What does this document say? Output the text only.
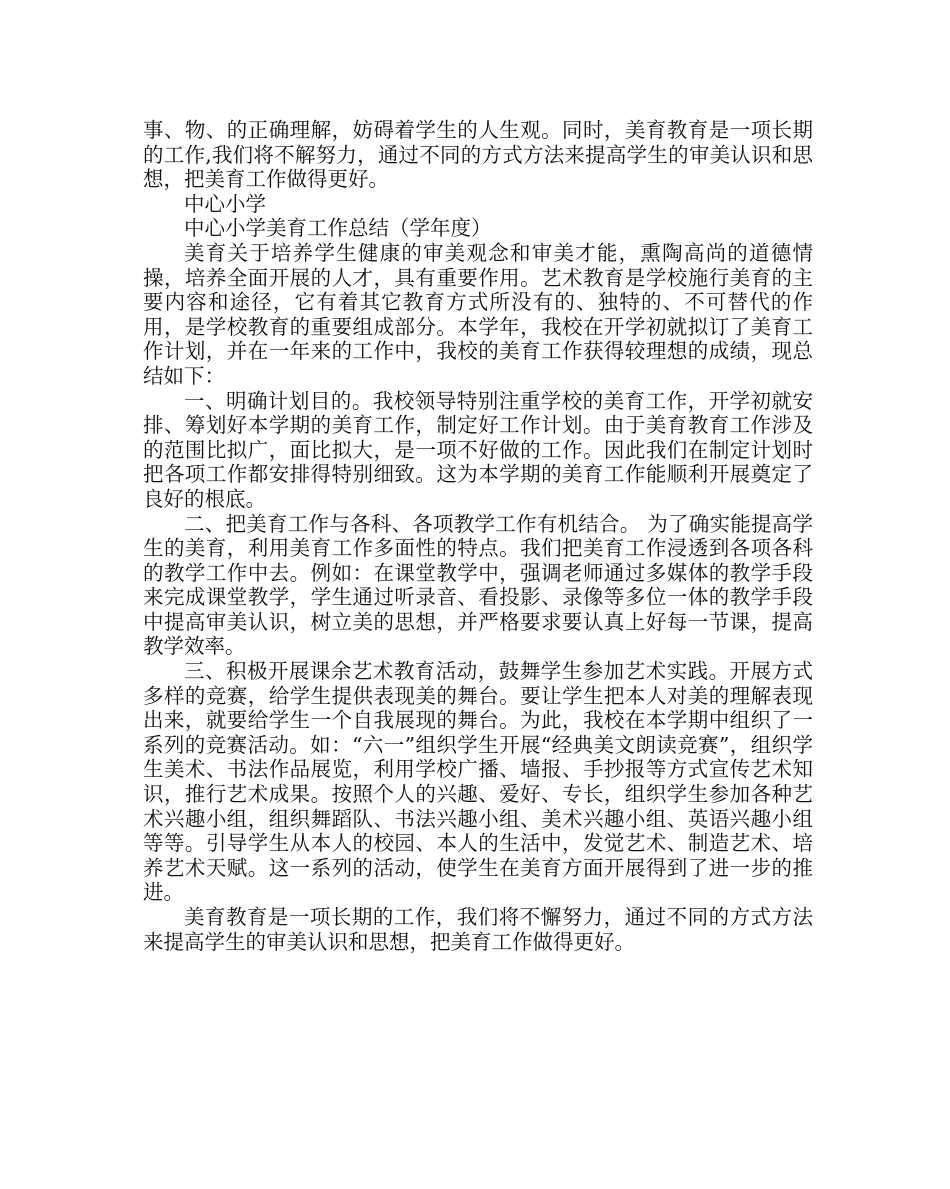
事、物、的正确理解，妨碍着学生的人生观。同时，美育教育是一项长期的工作,我们将不解努力，通过不同的方式方法来提高学生的审美认识和思想，把美育工作做得更好。

中心小学

中心小学美育工作总结（学年度）

美育关于培养学生健康的审美观念和审美才能，熏陶高尚的道德情操，培养全面开展的人才，具有重要作用。艺术教育是学校施行美育的主要内容和途径，它有着其它教育方式所没有的、独特的、不可替代的作用，是学校教育的重要组成部分。本学年，我校在开学初就拟订了美育工作计划，并在一年来的工作中，我校的美育工作获得较理想的成绩，现总结如下：

一、明确计划目的。我校领导特别注重学校的美育工作，开学初就安排、筹划好本学期的美育工作，制定好工作计划。由于美育教育工作涉及的范围比拟广，面比拟大，是一项不好做的工作。因此我们在制定计划时把各项工作都安排得特别细致。这为本学期的美育工作能顺利开展奠定了良好的根底。

二、把美育工作与各科、各项教学工作有机结合。 为了确实能提高学生的美育，利用美育工作多面性的特点。我们把美育工作浸透到各项各科的教学工作中去。例如：在课堂教学中，强调老师通过多媒体的教学手段来完成课堂教学，学生通过听录音、看投影、录像等多位一体的教学手段中提高审美认识，树立美的思想，并严格要求要认真上好每一节课，提高教学效率。

三、积极开展课余艺术教育活动，鼓舞学生参加艺术实践。开展方式多样的竞赛，给学生提供表现美的舞台。要让学生把本人对美的理解表现出来，就要给学生一个自我展现的舞台。为此，我校在本学期中组织了一系列的竞赛活动。如：“六一”组织学生开展“经典美文朗读竞赛”，组织学生美术、书法作品展览，利用学校广播、墙报、手抄报等方式宣传艺术知识，推行艺术成果。按照个人的兴趣、爱好、专长，组织学生参加各种艺术兴趣小组，组织舞蹈队、书法兴趣小组、美术兴趣小组、英语兴趣小组等等。引导学生从本人的校园、本人的生活中，发觉艺术、制造艺术、培养艺术天赋。这一系列的活动，使学生在美育方面开展得到了进一步的推进。

美育教育是一项长期的工作，我们将不懈努力，通过不同的方式方法来提高学生的审美认识和思想，把美育工作做得更好。
